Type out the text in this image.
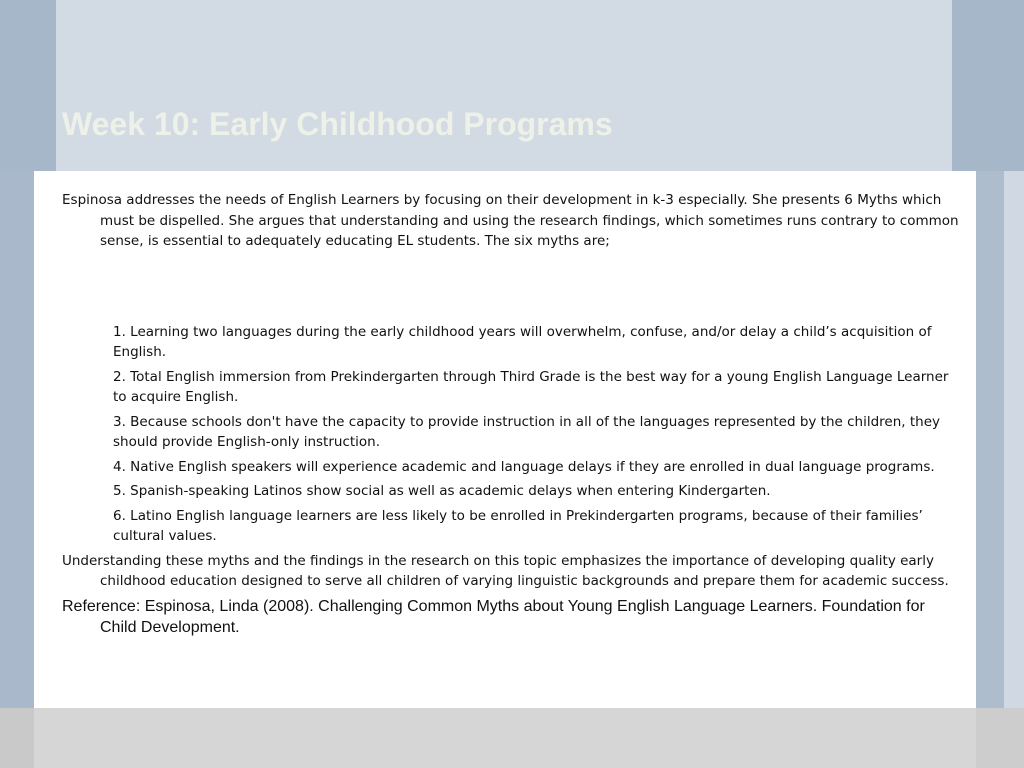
Week 10: Early Childhood Programs

Espinosa addresses the needs of English Learners by focusing on their development in k-3 especially. She presents 6 Myths which must be dispelled. She argues that understanding and using the research findings, which sometimes runs contrary to common sense, is essential to adequately educating EL students. The six myths are;

1. Learning two languages during the early childhood years will overwhelm, confuse, and/or delay a child’s acquisition of English.
2. Total English immersion from Prekindergarten through Third Grade is the best way for a young English Language Learner to acquire English.
3. Because schools don't have the capacity to provide instruction in all of the languages represented by the children, they should provide English-only instruction.
4. Native English speakers will experience academic and language delays if they are enrolled in dual language programs.
5. Spanish-speaking Latinos show social as well as academic delays when entering Kindergarten.
6. Latino English language learners are less likely to be enrolled in Prekindergarten programs, because of their families’ cultural values.

Understanding these myths and the findings in the research on this topic emphasizes the importance of developing quality early childhood education designed to serve all children of varying linguistic backgrounds and prepare them for academic success.

Reference: Espinosa, Linda (2008). Challenging Common Myths about Young English Language Learners. Foundation for Child Development.
